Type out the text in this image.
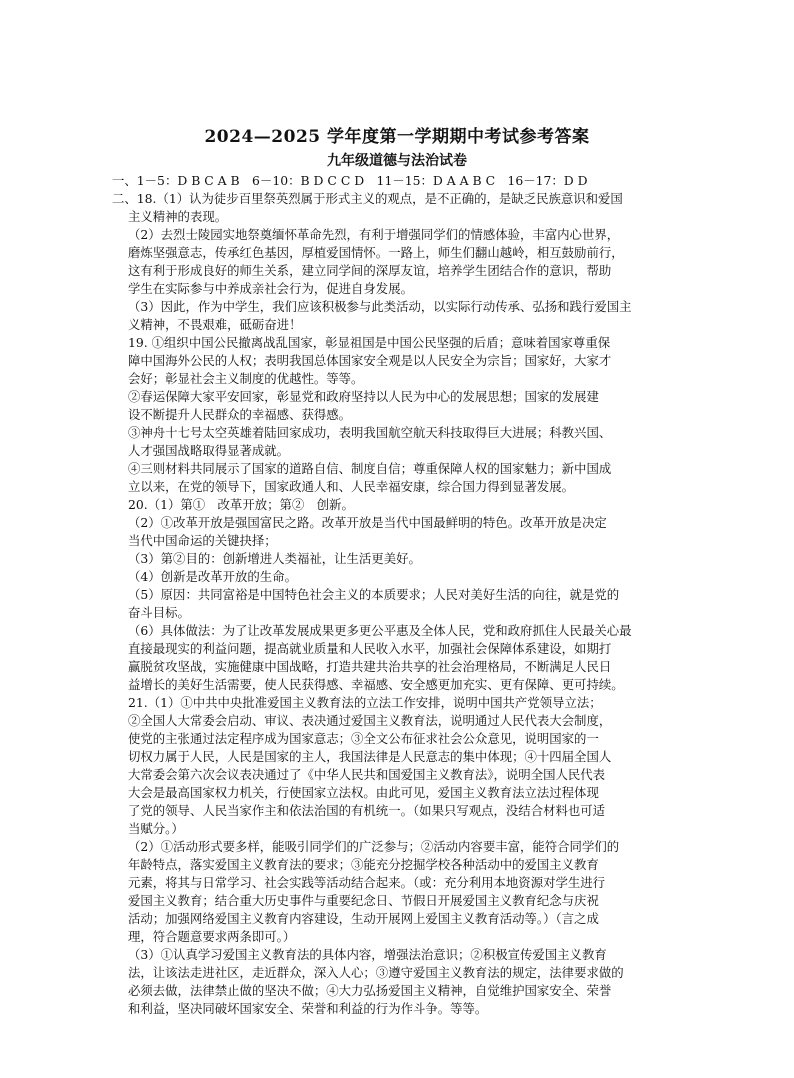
2024—2025 学年度第一学期期中考试参考答案
九年级道德与法治试卷
一、1－5：D B C A B　6－10：B D C C D　11－15：D A A B C　16－17：D D
二、18.（1）认为徒步百里祭英烈属于形式主义的观点，是不正确的，是缺乏民族意识和爱国
主义精神的表现。
（2）去烈士陵园实地祭奠缅怀革命先烈，有利于增强同学们的情感体验，丰富内心世界，
磨炼坚强意志，传承红色基因，厚植爱国情怀。一路上，师生们翻山越岭，相互鼓励前行，
这有利于形成良好的师生关系，建立同学间的深厚友谊，培养学生团结合作的意识，帮助
学生在实际参与中养成亲社会行为，促进自身发展。
（3）因此，作为中学生，我们应该积极参与此类活动，以实际行动传承、弘扬和践行爱国主
义精神，不畏艰难，砥砺奋进！
19. ①组织中国公民撤离战乱国家，彰显祖国是中国公民坚强的后盾；意味着国家尊重保
障中国海外公民的人权；表明我国总体国家安全观是以人民安全为宗旨；国家好，大家才
会好；彰显社会主义制度的优越性。等等。
②春运保障大家平安回家，彰显党和政府坚持以人民为中心的发展思想；国家的发展建
设不断提升人民群众的幸福感、获得感。
③神舟十七号太空英雄着陆回家成功，表明我国航空航天科技取得巨大进展；科教兴国、
人才强国战略取得显著成就。
④三则材料共同展示了国家的道路自信、制度自信；尊重保障人权的国家魅力；新中国成
立以来，在党的领导下，国家政通人和、人民幸福安康，综合国力得到显著发展。
20.（1）第①　改革开放；第②　创新。
（2）①改革开放是强国富民之路。改革开放是当代中国最鲜明的特色。改革开放是决定
当代中国命运的关键抉择；
（3）第②目的：创新增进人类福祉，让生活更美好。
（4）创新是改革开放的生命。
（5）原因：共同富裕是中国特色社会主义的本质要求；人民对美好生活的向往，就是党的
奋斗目标。
（6）具体做法：为了让改革发展成果更多更公平惠及全体人民，党和政府抓住人民最关心最
直接最现实的利益问题，提高就业质量和人民收入水平，加强社会保障体系建设，如期打
赢脱贫攻坚战，实施健康中国战略，打造共建共治共享的社会治理格局，不断满足人民日
益增长的美好生活需要，使人民获得感、幸福感、安全感更加充实、更有保障、更可持续。
21.（1）①中共中央批准爱国主义教育法的立法工作安排，说明中国共产党领导立法；
②全国人大常委会启动、审议、表决通过爱国主义教育法，说明通过人民代表大会制度，
使党的主张通过法定程序成为国家意志；③全文公布征求社会公众意见，说明国家的一
切权力属于人民，人民是国家的主人，我国法律是人民意志的集中体现；④十四届全国人
大常委会第六次会议表决通过了《中华人民共和国爱国主义教育法》，说明全国人民代表
大会是最高国家权力机关，行使国家立法权。由此可见，爱国主义教育法立法过程体现
了党的领导、人民当家作主和依法治国的有机统一。（如果只写观点，没结合材料也可适
当赋分。）
（2）①活动形式要多样，能吸引同学们的广泛参与；②活动内容要丰富，能符合同学们的
年龄特点，落实爱国主义教育法的要求；③能充分挖掘学校各种活动中的爱国主义教育
元素，将其与日常学习、社会实践等活动结合起来。（或：充分利用本地资源对学生进行
爱国主义教育；结合重大历史事件与重要纪念日、节假日开展爱国主义教育纪念与庆祝
活动；加强网络爱国主义教育内容建设，生动开展网上爱国主义教育活动等。）（言之成
理，符合题意要求两条即可。）
（3）①认真学习爱国主义教育法的具体内容，增强法治意识；②积极宣传爱国主义教育
法，让该法走进社区，走近群众，深入人心；③遵守爱国主义教育法的规定，法律要求做的
必须去做，法律禁止做的坚决不做；④大力弘扬爱国主义精神，自觉维护国家安全、荣誉
和利益，坚决同破坏国家安全、荣誉和利益的行为作斗争。等等。
